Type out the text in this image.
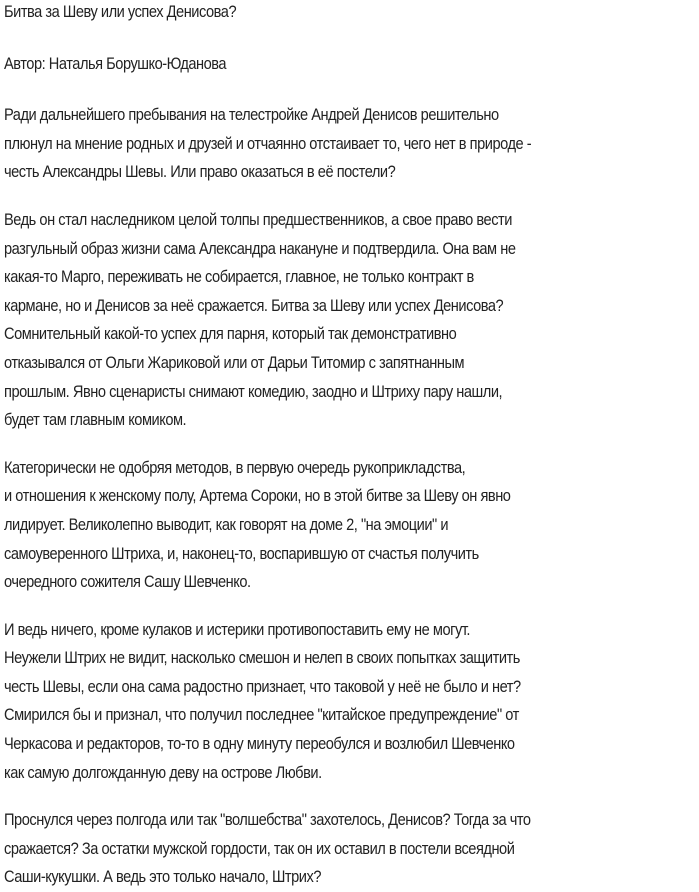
Битва за Шеву или успех Денисова?
Автор: Наталья Борушко-Юданова
Ради дальнейшего пребывания на телестройке Андрей Денисов решительно
плюнул на мнение родных и друзей и отчаянно отстаивает то, чего нет в природе -
честь Александры Шевы. Или право оказаться в её постели?
Ведь он стал наследником целой толпы предшественников, а свое право вести
разгульный образ жизни сама Александра накануне и подтвердила. Она вам не
какая-то Марго, переживать не собирается, главное, не только контракт в
кармане, но и Денисов за неё сражается. Битва за Шеву или успех Денисова?
Сомнительный какой-то успех для парня, который так демонстративно
отказывался от Ольги Жариковой или от Дарьи Титомир с запятнанным
прошлым. Явно сценаристы снимают комедию, заодно и Штриху пару нашли,
будет там главным комиком.
Категорически не одобряя методов, в первую очередь рукоприкладства,
и отношения к женскому полу, Артема Сороки, но в этой битве за Шеву он явно
лидирует. Великолепно выводит, как говорят на доме 2, "на эмоции" и
самоуверенного Штриха, и, наконец-то, воспарившую от счастья получить
очередного сожителя Сашу Шевченко.
И ведь ничего, кроме кулаков и истерики противопоставить ему не могут.
Неужели Штрих не видит, насколько смешон и нелеп в своих попытках защитить
честь Шевы, если она сама радостно признает, что таковой у неё не было и нет?
Смирился бы и признал, что получил последнее "китайское предупреждение" от
Черкасова и редакторов, то-то в одну минуту переобулся и возлюбил Шевченко
как самую долгожданную деву на острове Любви.
Проснулся через полгода или так "волшебства" захотелось, Денисов? Тогда за что
сражается? За остатки мужской гордости, так он их оставил в постели всеядной
Саши-кукушки. А ведь это только начало, Штрих?
